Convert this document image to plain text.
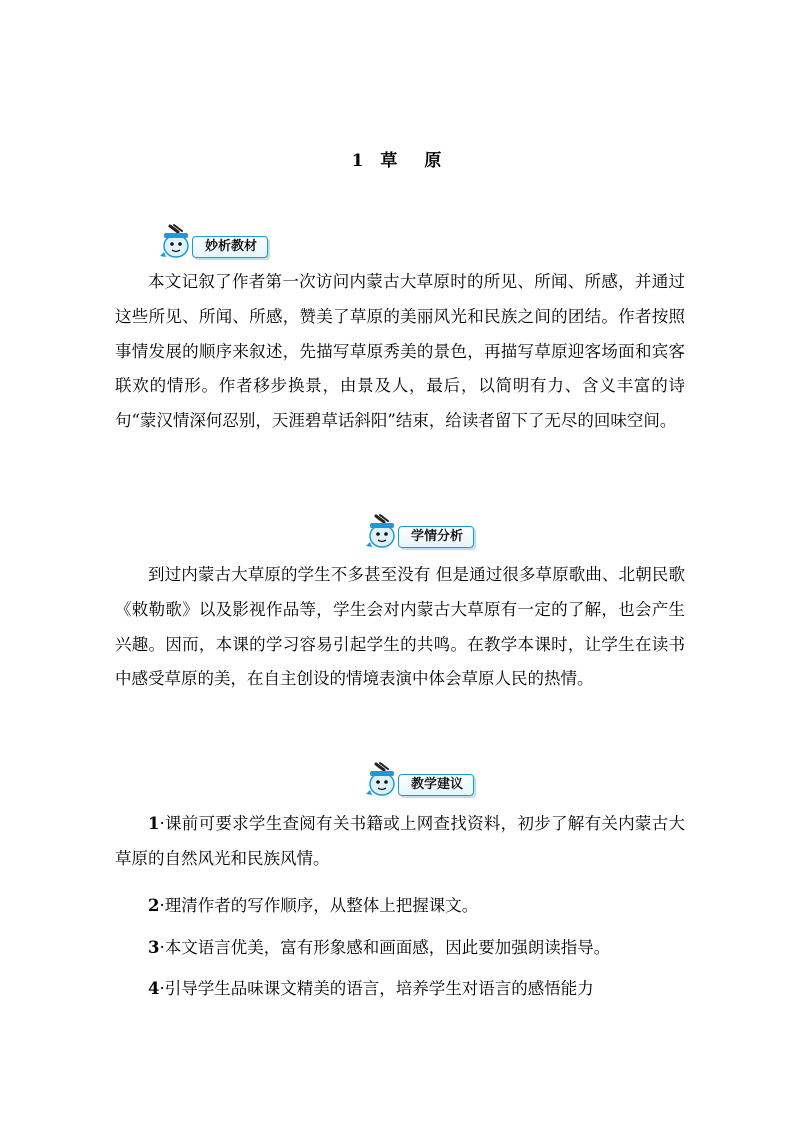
1 草 原
妙析教材
本文记叙了作者第一次访问内蒙古大草原时的所见、所闻、所感，并通过这些所见、所闻、所感，赞美了草原的美丽风光和民族之间的团结。作者按照事情发展的顺序来叙述，先描写草原秀美的景色，再描写草原迎客场面和宾客联欢的情形。作者移步换景，由景及人，最后，以简明有力、含义丰富的诗句“蒙汉情深何忍别，天涯碧草话斜阳”结束，给读者留下了无尽的回味空间。
学情分析
到过内蒙古大草原的学生不多甚至没有 但是通过很多草原歌曲、北朝民歌《敕勒歌》以及影视作品等，学生会对内蒙古大草原有一定的了解，也会产生兴趣。因而，本课的学习容易引起学生的共鸣。在教学本课时，让学生在读书中感受草原的美，在自主创设的情境表演中体会草原人民的热情。
教学建议
1·课前可要求学生查阅有关书籍或上网查找资料，初步了解有关内蒙古大草原的自然风光和民族风情。
2·理清作者的写作顺序，从整体上把握课文。
3·本文语言优美，富有形象感和画面感，因此要加强朗读指导。
4·引导学生品味课文精美的语言，培养学生对语言的感悟能力
